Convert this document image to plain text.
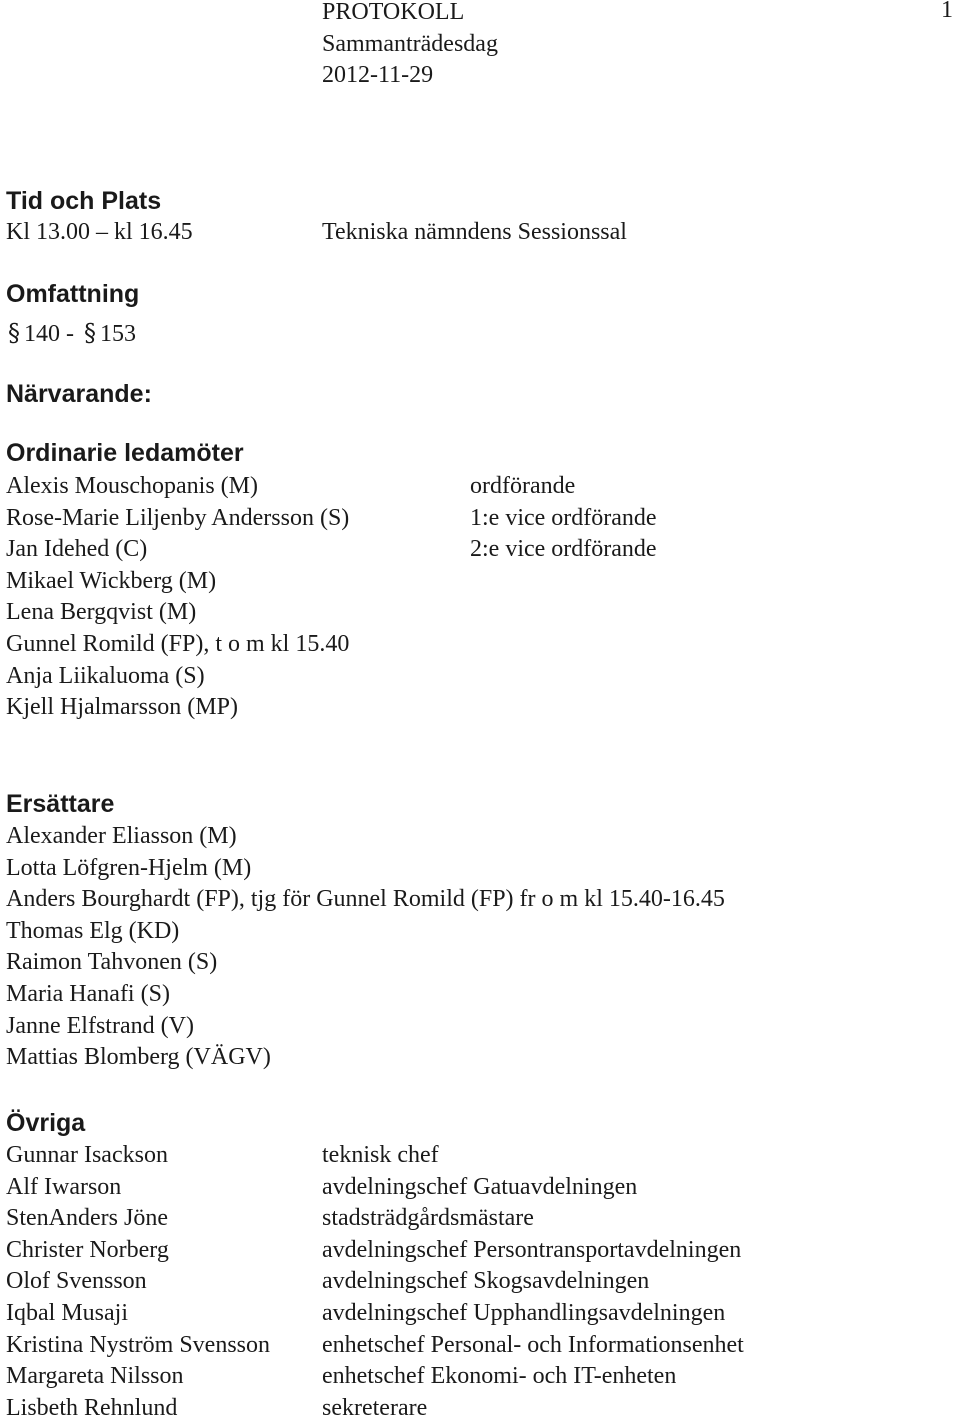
PROTOKOLL
Sammanträdesdag
2012-11-29
1
Tid och Plats
Kl 13.00 – kl 16.45	Tekniska nämndens Sessionssal
Omfattning
§ 140 - § 153
Närvarande:
Ordinarie ledamöter
Alexis Mouschopanis (M)
Rose-Marie Liljenby Andersson (S)
Jan Idehed (C)
Mikael Wickberg (M)
Lena Bergqvist (M)
Gunnel Romild (FP), t o m kl 15.40
Anja Liikaluoma (S)
Kjell Hjalmarsson (MP)
ordförande
1:e vice ordförande
2:e vice ordförande
Ersättare
Alexander Eliasson (M)
Lotta Löfgren-Hjelm (M)
Anders Bourghardt (FP), tjg för Gunnel Romild (FP) fr o m kl 15.40-16.45
Thomas Elg (KD)
Raimon Tahvonen (S)
Maria Hanafi (S)
Janne Elfstrand (V)
Mattias Blomberg (VÄGV)
Övriga
Gunnar Isackson
Alf Iwarson
StenAnders Jöne
Christer Norberg
Olof Svensson
Iqbal Musaji
Kristina Nyström Svensson
Margareta Nilsson
Lisbeth Rehnlund
teknisk chef
avdelningschef Gatuavdelningen
stadsträdgårdsmästare
avdelningschef Persontransportavdelningen
avdelningschef Skogsavdelningen
avdelningschef Upphandlingsavdelningen
enhetschef Personal- och Informationsenhet
enhetschef Ekonomi- och IT-enheten
sekreterare
